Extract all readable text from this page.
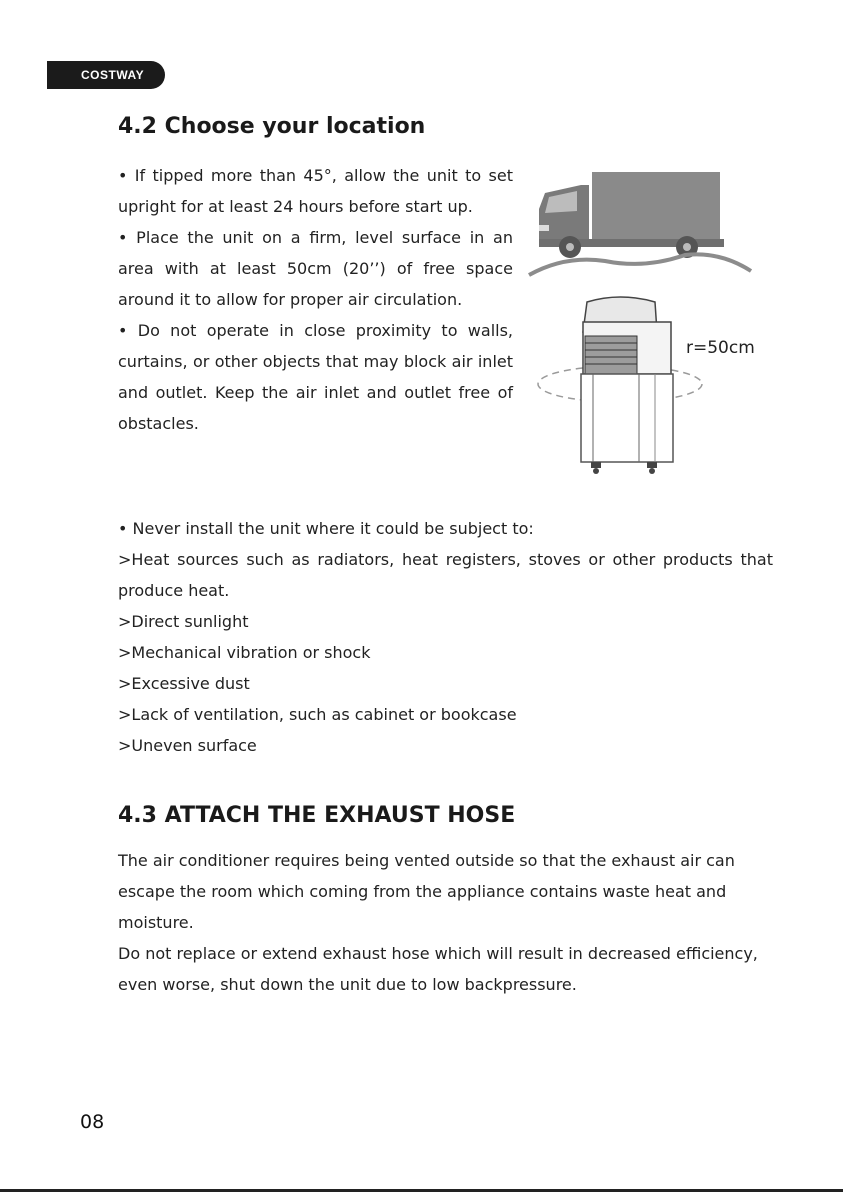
COSTWAY
4.2 Choose your location

• If tipped more than 45°, allow the unit to set upright for at least 24 hours before start up.

• Place the unit on a firm, level surface in an area with at least 50cm (20’’) of free space around it to allow for proper air circulation.

• Do not operate in close proximity to walls, curtains, or other objects that may block air inlet and outlet. Keep the air inlet and outlet free of obstacles.

r=50cm

• Never install the unit where it could be subject to:

>Heat sources such as radiators, heat registers, stoves or other products that produce heat.

>Direct sunlight

>Mechanical vibration or shock

>Excessive dust

>Lack of ventilation, such as cabinet or bookcase

>Uneven surface

4.3 ATTACH THE EXHAUST HOSE

The air conditioner requires being vented outside so that the exhaust air can escape the room which coming from the appliance contains waste heat and moisture.

Do not replace or extend exhaust hose which will result in decreased efficiency, even worse, shut down the unit due to low backpressure.

08
